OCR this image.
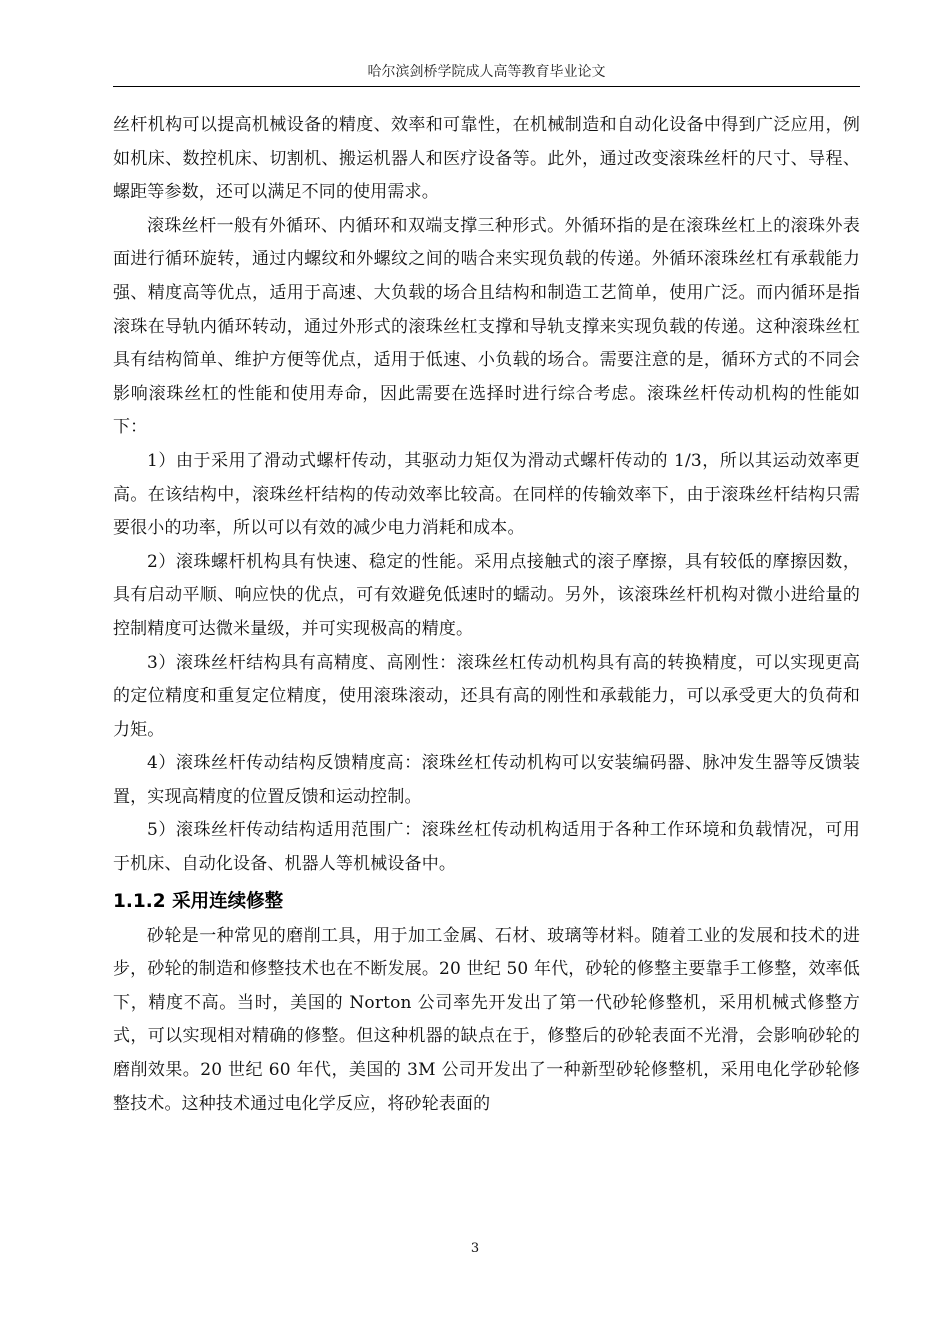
哈尔滨剑桥学院成人高等教育毕业论文

丝杆机构可以提高机械设备的精度、效率和可靠性，在机械制造和自动化设备中得到广泛应用，例如机床、数控机床、切割机、搬运机器人和医疗设备等。此外，通过改变滚珠丝杆的尺寸、导程、螺距等参数，还可以满足不同的使用需求。

滚珠丝杆一般有外循环、内循环和双端支撑三种形式。外循环指的是在滚珠丝杠上的滚珠外表面进行循环旋转，通过内螺纹和外螺纹之间的啮合来实现负载的传递。外循环滚珠丝杠有承载能力强、精度高等优点，适用于高速、大负载的场合且结构和制造工艺简单，使用广泛。而内循环是指滚珠在导轨内循环转动，通过外形式的滚珠丝杠支撑和导轨支撑来实现负载的传递。这种滚珠丝杠具有结构简单、维护方便等优点，适用于低速、小负载的场合。需要注意的是，循环方式的不同会影响滚珠丝杠的性能和使用寿命，因此需要在选择时进行综合考虑。滚珠丝杆传动机构的性能如下：

1）由于采用了滑动式螺杆传动，其驱动力矩仅为滑动式螺杆传动的 1/3，所以其运动效率更高。在该结构中，滚珠丝杆结构的传动效率比较高。在同样的传输效率下，由于滚珠丝杆结构只需要很小的功率，所以可以有效的减少电力消耗和成本。

2）滚珠螺杆机构具有快速、稳定的性能。采用点接触式的滚子摩擦，具有较低的摩擦因数，具有启动平顺、响应快的优点，可有效避免低速时的蠕动。另外，该滚珠丝杆机构对微小进给量的控制精度可达微米量级，并可实现极高的精度。

3）滚珠丝杆结构具有高精度、高刚性：滚珠丝杠传动机构具有高的转换精度，可以实现更高的定位精度和重复定位精度，使用滚珠滚动，还具有高的刚性和承载能力，可以承受更大的负荷和力矩。

4）滚珠丝杆传动结构反馈精度高：滚珠丝杠传动机构可以安装编码器、脉冲发生器等反馈装置，实现高精度的位置反馈和运动控制。

5）滚珠丝杆传动结构适用范围广：滚珠丝杠传动机构适用于各种工作环境和负载情况，可用于机床、自动化设备、机器人等机械设备中。

1.1.2 采用连续修整

砂轮是一种常见的磨削工具，用于加工金属、石材、玻璃等材料。随着工业的发展和技术的进步，砂轮的制造和修整技术也在不断发展。20 世纪 50 年代，砂轮的修整主要靠手工修整，效率低下，精度不高。当时，美国的 Norton 公司率先开发出了第一代砂轮修整机，采用机械式修整方式，可以实现相对精确的修整。但这种机器的缺点在于，修整后的砂轮表面不光滑，会影响砂轮的磨削效果。20 世纪 60 年代，美国的 3M 公司开发出了一种新型砂轮修整机，采用电化学砂轮修整技术。这种技术通过电化学反应，将砂轮表面的

3
